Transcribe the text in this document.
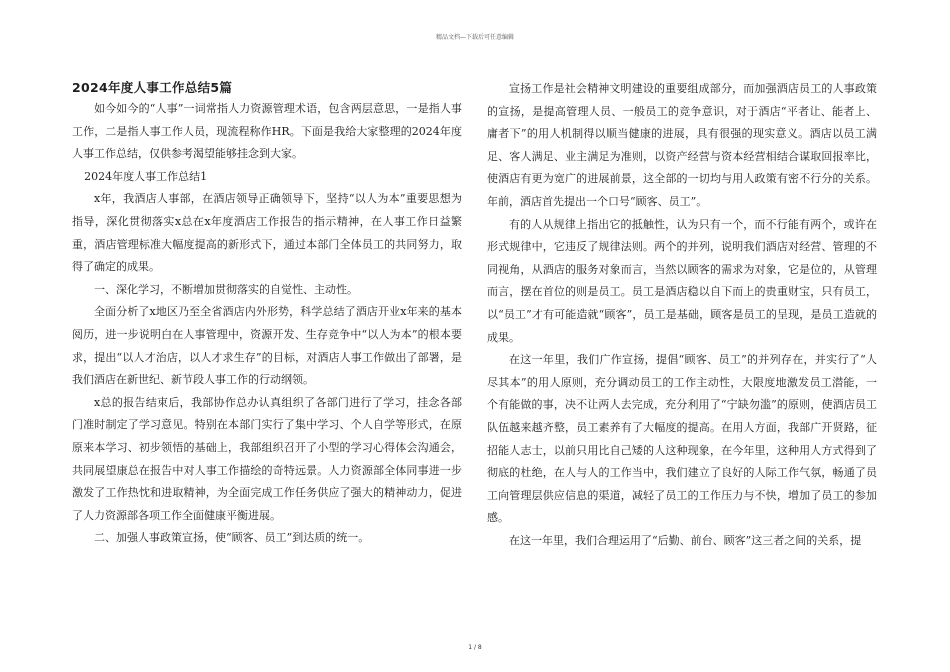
精品文档—下载后可任意编辑
2024年度人事工作总结5篇

如今如今的“人事”一词常指人力资源管理术语，包含两层意思，一是指人事工作，二是指人事工作人员，现流程称作HR。下面是我给大家整理的2024年度人事工作总结，仅供参考渴望能够挂念到大家。

2024年度人事工作总结1

x年，我酒店人事部，在酒店领导正确领导下，坚持“以人为本”重要思想为指导，深化贯彻落实x总在x年度酒店工作报告的指示精神，在人事工作日益繁重，酒店管理标准大幅度提高的新形式下，通过本部门全体员工的共同努力，取得了确定的成果。

一、深化学习，不断增加贯彻落实的自觉性、主动性。

全面分析了x地区乃至全省酒店内外形势，科学总结了酒店开业x年来的基本阅历，进一步说明白在人事管理中，资源开发、生存竞争中“以人为本”的根本要求，提出“以人才治店，以人才求生存”的目标，对酒店人事工作做出了部署，是我们酒店在新世纪、新节段人事工作的行动纲领。

x总的报告结束后，我部协作总办认真组织了各部门进行了学习，挂念各部门准时制定了学习意见。特别在本部门实行了集中学习、个人自学等形式，在原原来本学习、初步领悟的基础上，我部组织召开了小型的学习心得体会沟通会，共同展望康总在报告中对人事工作描绘的奇特远景。人力资源部全体同事进一步激发了工作热忱和进取精神，为全面完成工作任务供应了强大的精神动力，促进了人力资源部各项工作全面健康平衡进展。

二、加强人事政策宣扬，使“顾客、员工”到达质的统一。

宣扬工作是社会精神文明建设的重要组成部分，而加强酒店员工的人事政策的宣扬，是提高管理人员、一般员工的竞争意识，对于酒店“平者让、能者上、庸者下”的用人机制得以顺当健康的进展，具有很强的现实意义。酒店以员工满足、客人满足、业主满足为准则，以资产经营与资本经营相结合谋取回报率比，使酒店有更为宽广的进展前景，这全部的一切均与用人政策有密不行分的关系。年前，酒店首先提出一个口号“顾客、员工”。

有的人从规律上指出它的抵触性，认为只有一个，而不行能有两个，或许在形式规律中，它违反了规律法则。两个的并列，说明我们酒店对经营、管理的不同视角，从酒店的服务对象而言，当然以顾客的需求为对象，它是位的，从管理而言，摆在首位的则是员工。员工是酒店稳以自下而上的贵重财宝，只有员工，以“员工”才有可能造就“顾客”，员工是基础，顾客是员工的呈现，是员工造就的成果。

在这一年里，我们广作宣扬，提倡“顾客、员工”的并列存在，并实行了“人尽其本”的用人原则，充分调动员工的工作主动性，大限度地激发员工潜能，一个有能做的事，决不让两人去完成，充分利用了“宁缺勿滥”的原则，使酒店员工队伍越来越齐整，员工素养有了大幅度的提高。在用人方面，我部广开贤路，征招能人志士，以前只用比自己矮的人这种现象，在今年里，这种用人方式得到了彻底的杜绝，在人与人的工作当中，我们建立了良好的人际工作气氛，畅通了员工向管理层供应信息的渠道，减轻了员工的工作压力与不快，增加了员工的参加感。

在这一年里，我们合理运用了“后勤、前台、顾客”这三者之间的关系，提

1 / 8
